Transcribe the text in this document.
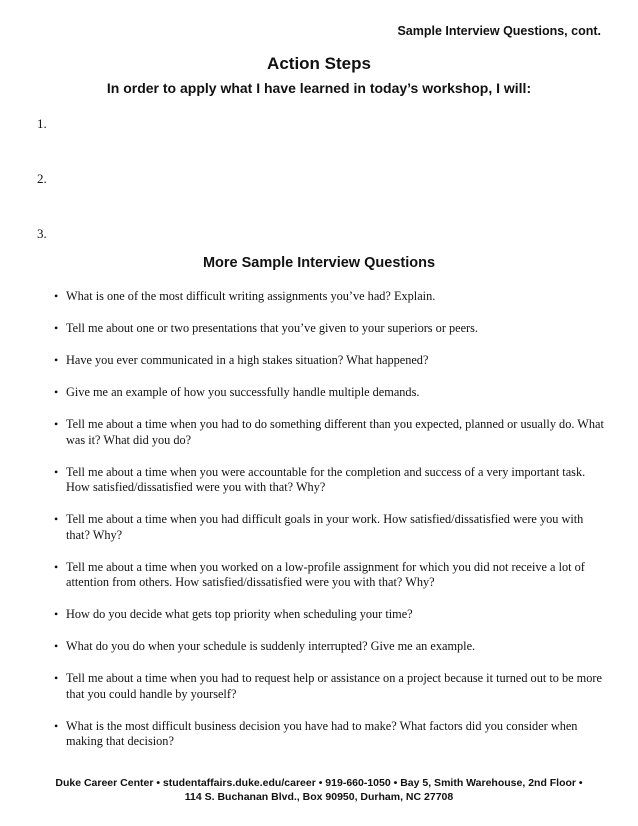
Sample Interview Questions, cont.
Action Steps
In order to apply what I have learned in today’s workshop, I will:
1.
2.
3.
More Sample Interview Questions
• What is one of the most difficult writing assignments you’ve had? Explain.
• Tell me about one or two presentations that you’ve given to your superiors or peers.
• Have you ever communicated in a high stakes situation? What happened?
• Give me an example of how you successfully handle multiple demands.
• Tell me about a time when you had to do something different than you expected, planned or usually do. What was it? What did you do?
• Tell me about a time when you were accountable for the completion and success of a very important task. How satisfied/dissatisfied were you with that? Why?
• Tell me about a time when you had difficult goals in your work. How satisfied/dissatisfied were you with that? Why?
• Tell me about a time when you worked on a low-profile assignment for which you did not receive a lot of attention from others. How satisfied/dissatisfied were you with that? Why?
• How do you decide what gets top priority when scheduling your time?
• What do you do when your schedule is suddenly interrupted? Give me an example.
• Tell me about a time when you had to request help or assistance on a project because it turned out to be more that you could handle by yourself?
• What is the most difficult business decision you have had to make? What factors did you consider when making that decision?
Duke Career Center • studentaffairs.duke.edu/career • 919-660-1050 • Bay 5, Smith Warehouse, 2nd Floor •
114 S. Buchanan Blvd., Box 90950, Durham, NC 27708
